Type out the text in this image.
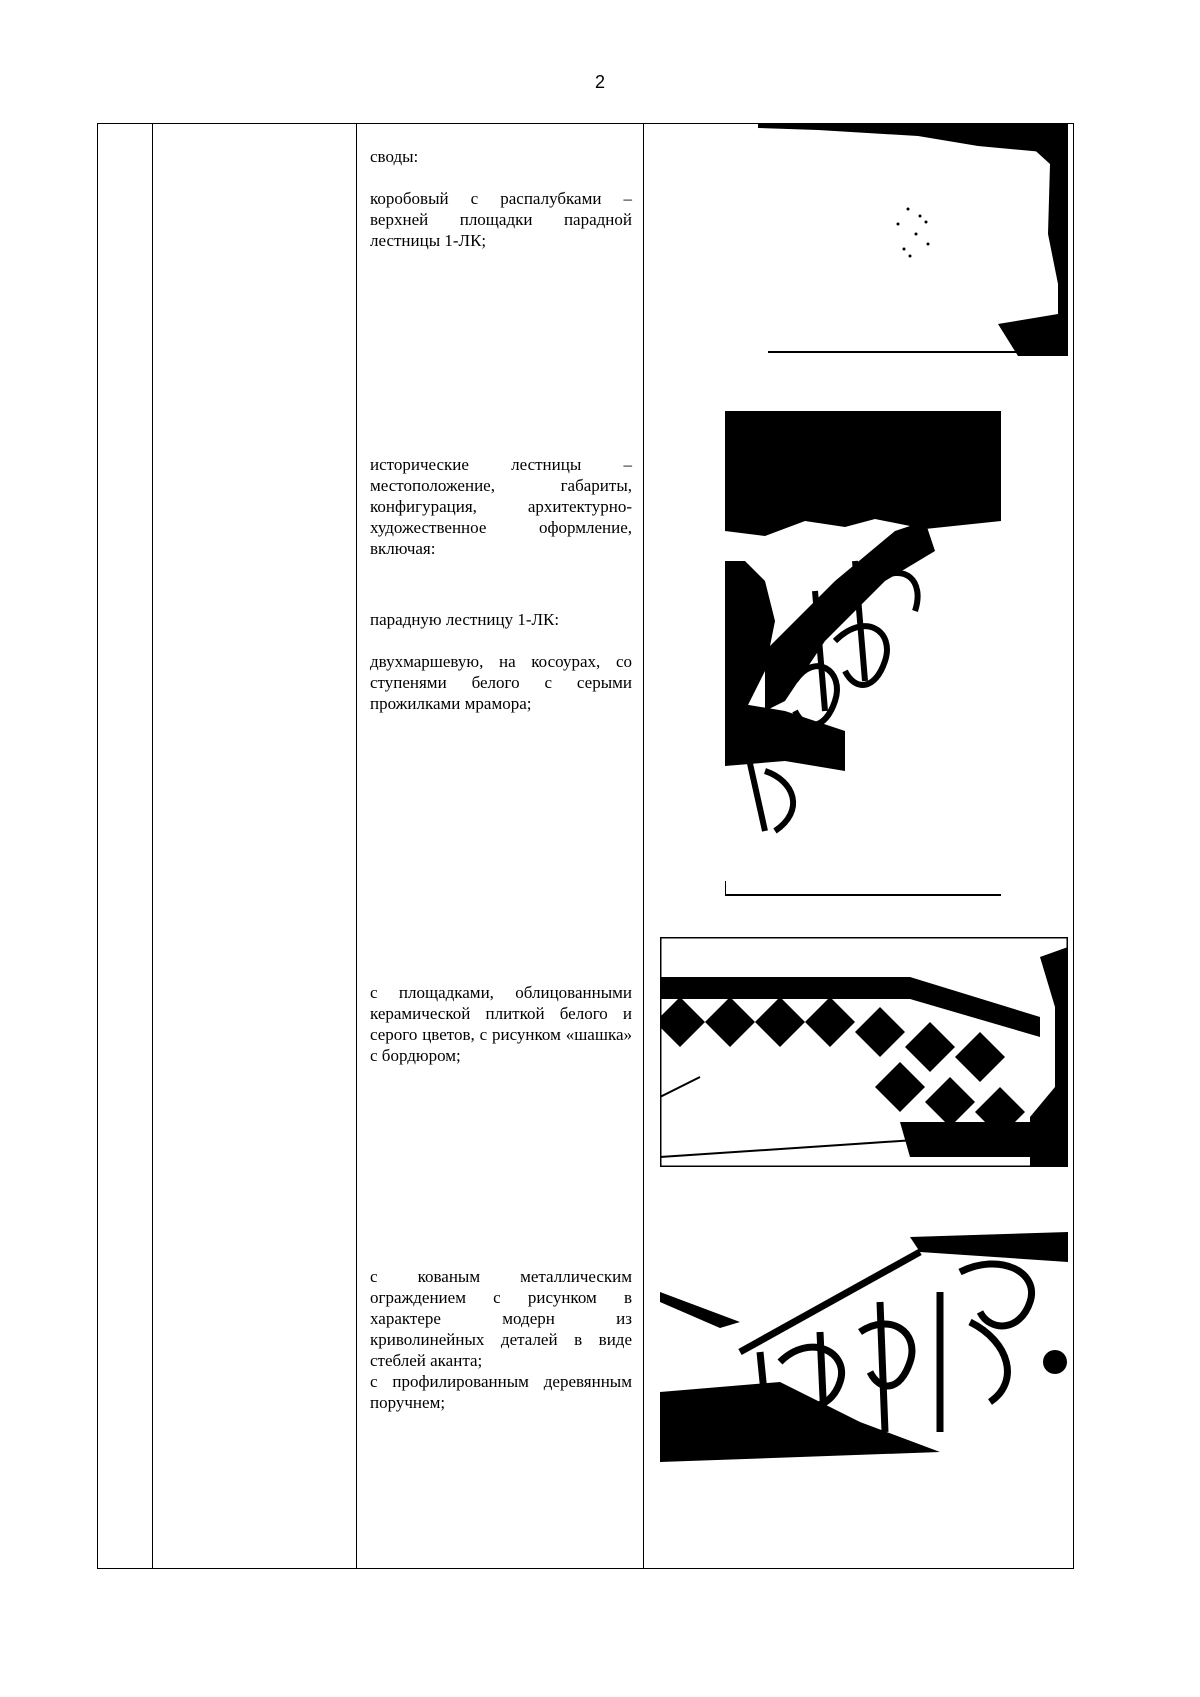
2

своды:

коробовый с распалубками – верхней площадки парадной лестницы 1-ЛК;

исторические лестницы – местоположение, габариты, конфигурация, архитектурно-художественное оформление, включая:

парадную лестницу 1-ЛК:

двухмаршевую, на косоурах, со ступенями белого с серыми прожилками мрамора;

с площадками, облицованными керамической плиткой белого и серого цветов, с рисунком «шашка» с бордюром;

с кованым металлическим ограждением с рисунком в характере модерн из криволинейных деталей в виде стеблей аканта;

с профилированным деревянным поручнем;
